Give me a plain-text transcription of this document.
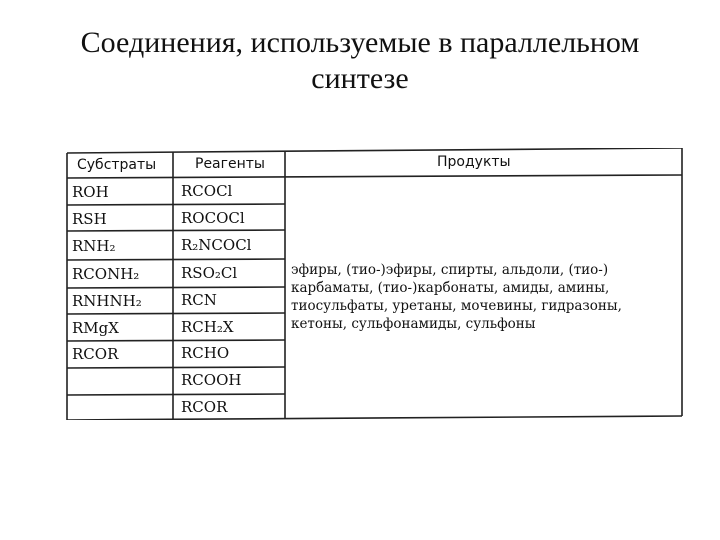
Соединения, используемые в параллельном
синтезе
Субстраты	Реагенты	Продукты
ROH
RSH
RNH₂
RCONH₂
RNHNH₂
RMgX
RCOR
RCOCl
ROCOCl
R₂NCOCl
RSO₂Cl
RCN
RCH₂X
RCHO
RCOOH
RCOR
эфиры, (тио-)эфиры, спирты, альдоли, (тио-)
карбаматы, (тио-)карбонаты, амиды, амины,
тиосульфаты, уретаны, мочевины, гидразоны,
кетоны, сульфонамиды, сульфоны
